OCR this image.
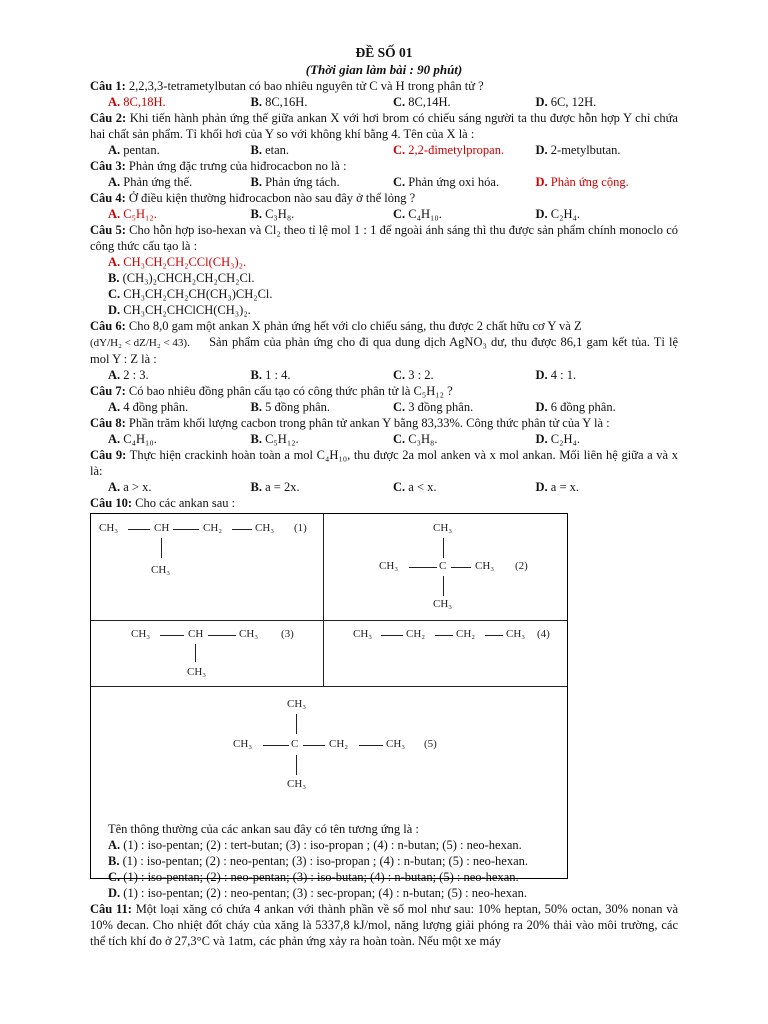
ĐỀ SỐ 01
(Thời gian làm bài : 90 phút)
Câu 1: 2,2,3,3-tetrametylbutan có bao nhiêu nguyên tử C và H trong phân tử ?
A. 8C,18H.	B. 8C,16H.	C. 8C,14H.	D. 6C, 12H.
Câu 2: Khi tiến hành phản ứng thế giữa ankan X với hơi brom có chiếu sáng người ta thu được hỗn hợp Y chỉ chứa hai chất sản phẩm. Tỉ khối hơi của Y so với không khí bằng 4. Tên của X là :
A. pentan.	B. etan.	C. 2,2-đimetylpropan.	D. 2-metylbutan.
Câu 3: Phản ứng đặc trưng của hiđrocacbon no là :
A. Phản ứng thế.	B. Phản ứng tách.	C. Phản ứng oxi hóa.	D. Phản ứng cộng.
Câu 4: Ở điều kiện thường hiđrocacbon nào sau đây ở thể lỏng ?
A. C₅H₁₂.	B. C₃H₈.	C. C₄H₁₀.	D. C₂H₄.
Câu 5: Cho hỗn hợp iso-hexan và Cl₂ theo tỉ lệ mol 1 : 1 để ngoài ánh sáng thì thu được sản phẩm chính monoclo có công thức cấu tạo là :
A. CH₃CH₂CH₂CCl(CH₃)₂.
B. (CH₃)₂CHCH₂CH₂CH₂Cl.
C. CH₃CH₂CH₂CH(CH₃)CH₂Cl.
D. CH₃CH₂CHClCH(CH₃)₂.
Câu 6: Cho 8,0 gam một ankan X phản ứng hết với clo chiếu sáng, thu được 2 chất hữu cơ Y và Z
(dY/H₂ < dZ/H₂ < 43). Sản phẩm của phản ứng cho đi qua dung dịch AgNO₃ dư, thu được 86,1 gam kết tủa. Tỉ lệ mol Y : Z là :
A. 2 : 3.	B. 1 : 4.	C. 3 : 2.	D. 4 : 1.
Câu 7: Có bao nhiêu đồng phân cấu tạo có công thức phân tử là C₅H₁₂ ?
A. 4 đồng phân.	B. 5 đồng phân.	C. 3 đồng phân.	D. 6 đồng phân.
Câu 8: Phần trăm khối lượng cacbon trong phân tử ankan Y bằng 83,33%. Công thức phân tử của Y là :
A. C₄H₁₀.	B. C₅H₁₂.	C. C₃H₈.	D. C₂H₄.
Câu 9: Thực hiện crackinh hoàn toàn a mol C₄H₁₀, thu được 2a mol anken và x mol ankan. Mối liên hệ giữa a và x là:
A. a > x.	B. a = 2x.	C. a < x.	D. a = x.
Câu 10: Cho các ankan sau :
CH₃	CH	CH₂	CH₃ (1)
CH₃
CH₃
CH₃	C	CH₃ (2)
CH₃
CH₃	CH	CH₃ (3)
CH₃
CH₃	CH₂	CH₂	CH₃ (4)
CH₃
CH₃	C	CH₂	CH₃ (5)
CH₃
Tên thông thường của các ankan sau đây có tên tương ứng là :
A. (1) : iso-pentan; (2) : tert-butan; (3) : iso-propan ; (4) : n-butan; (5) : neo-hexan.
B. (1) : iso-pentan; (2) : neo-pentan; (3) : iso-propan ; (4) : n-butan; (5) : neo-hexan.
C. (1) : iso-pentan; (2) : neo-pentan; (3) : iso-butan; (4) : n-butan; (5) : neo-hexan.
D. (1) : iso-pentan; (2) : neo-pentan; (3) : sec-propan; (4) : n-butan; (5) : neo-hexan.
Câu 11: Một loại xăng có chứa 4 ankan với thành phần về số mol như sau: 10% heptan, 50% octan, 30% nonan và 10% đecan. Cho nhiệt đốt cháy của xăng là 5337,8 kJ/mol, năng lượng giải phóng ra 20% thải vào môi trường, các thể tích khí đo ở 27,3°C và 1atm, các phản ứng xảy ra hoàn toàn. Nếu một xe máy
